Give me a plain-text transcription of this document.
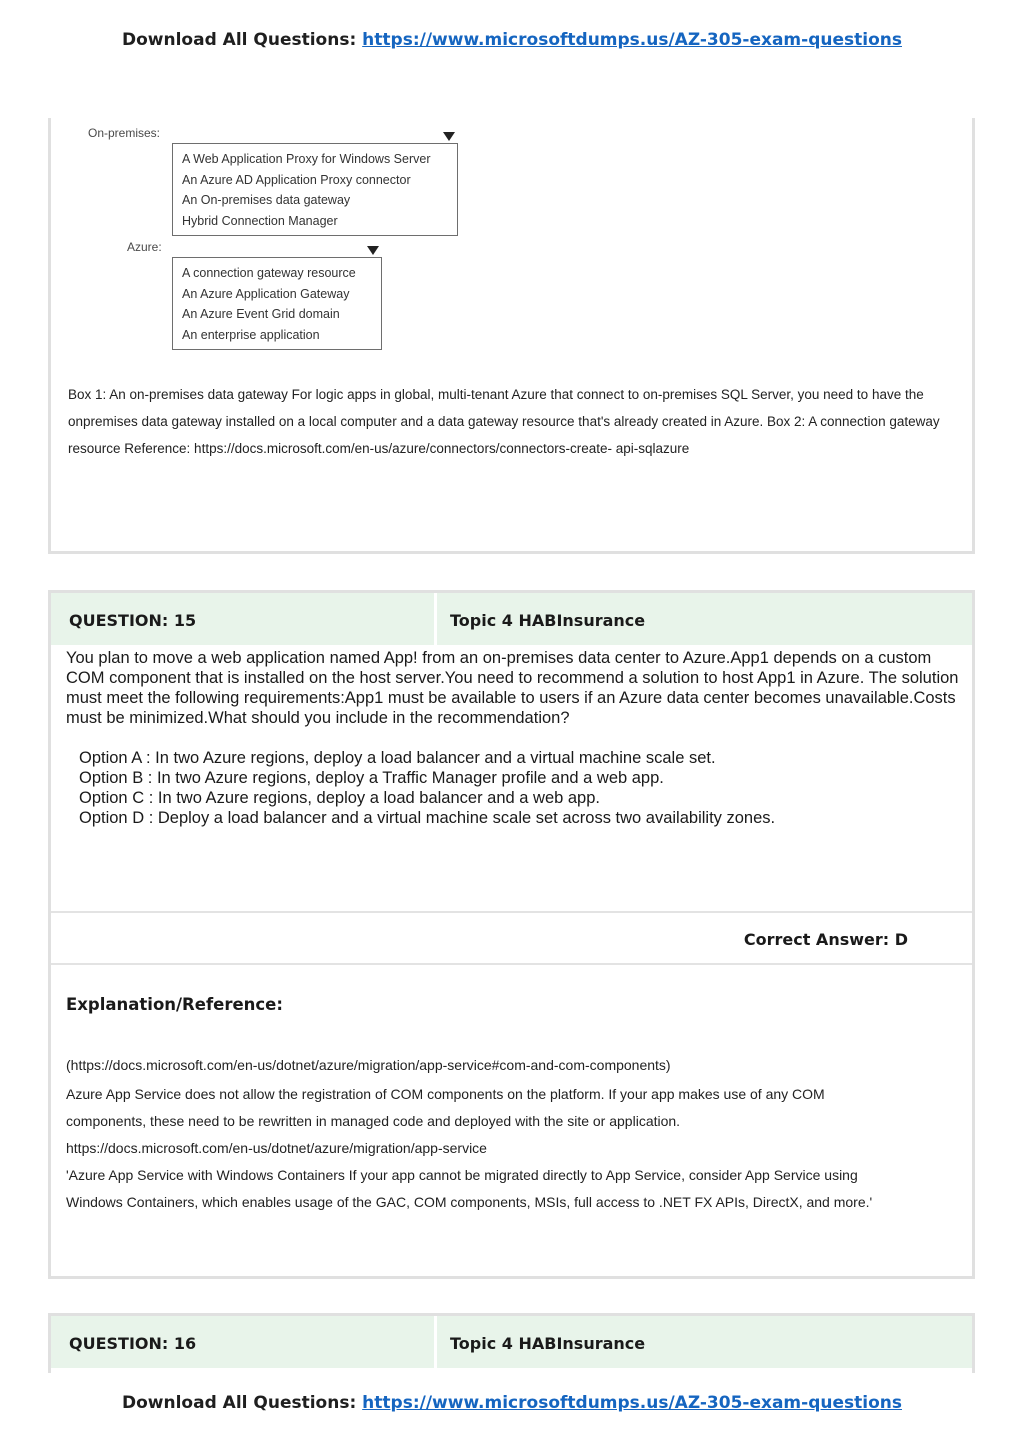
Download All Questions: https://www.microsoftdumps.us/AZ-305-exam-questions
On-premises:
A Web Application Proxy for Windows Server
An Azure AD Application Proxy connector
An On-premises data gateway
Hybrid Connection Manager
Azure:
A connection gateway resource
An Azure Application Gateway
An Azure Event Grid domain
An enterprise application
Box 1: An on-premises data gateway For logic apps in global, multi-tenant Azure that connect to on-premises SQL Server, you need to have the onpremises data gateway installed on a local computer and a data gateway resource that's already created in Azure. Box 2: A connection gateway resource Reference: https://docs.microsoft.com/en-us/azure/connectors/connectors-create- api-sqlazure
QUESTION: 15	Topic 4 HABInsurance
You plan to move a web application named App! from an on-premises data center to Azure.App1 depends on a custom COM component that is installed on the host server.You need to recommend a solution to host App1 in Azure. The solution must meet the following requirements:App1 must be available to users if an Azure data center becomes unavailable.Costs must be minimized.What should you include in the recommendation?
Option A : In two Azure regions, deploy a load balancer and a virtual machine scale set.
Option B : In two Azure regions, deploy a Traffic Manager profile and a web app.
Option C : In two Azure regions, deploy a load balancer and a web app.
Option D : Deploy a load balancer and a virtual machine scale set across two availability zones.
Correct Answer: D
Explanation/Reference:
(https://docs.microsoft.com/en-us/dotnet/azure/migration/app-service#com-and-com-components)
Azure App Service does not allow the registration of COM components on the platform. If your app makes use of any COM
components, these need to be rewritten in managed code and deployed with the site or application.
https://docs.microsoft.com/en-us/dotnet/azure/migration/app-service
'Azure App Service with Windows Containers If your app cannot be migrated directly to App Service, consider App Service using
Windows Containers, which enables usage of the GAC, COM components, MSIs, full access to .NET FX APIs, DirectX, and more.'
QUESTION: 16	Topic 4 HABInsurance
Download All Questions: https://www.microsoftdumps.us/AZ-305-exam-questions
